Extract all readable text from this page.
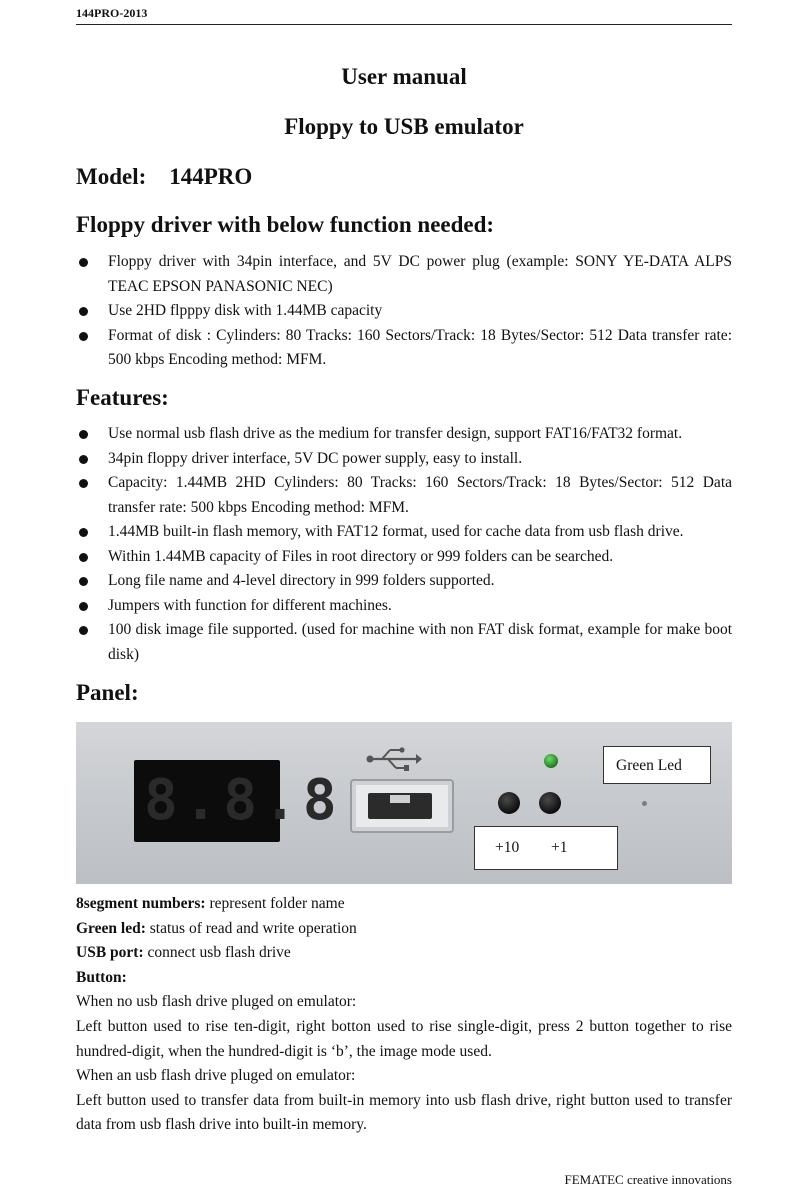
144PRO-2013
User manual
Floppy to USB emulator
Model:    144PRO
Floppy driver with below function needed:
Floppy driver with 34pin interface, and 5V DC power plug (example: SONY YE-DATA ALPS TEAC EPSON PANASONIC NEC)
Use 2HD flpppy disk with 1.44MB capacity
Format of disk : Cylinders: 80 Tracks: 160 Sectors/Track: 18 Bytes/Sector: 512 Data transfer rate: 500 kbps Encoding method: MFM.
Features:
Use normal usb flash drive as the medium for transfer design, support FAT16/FAT32 format.
34pin floppy driver interface, 5V DC power supply, easy to install.
Capacity: 1.44MB 2HD Cylinders: 80 Tracks: 160 Sectors/Track: 18 Bytes/Sector: 512 Data transfer rate: 500 kbps Encoding method: MFM.
1.44MB built-in flash memory, with FAT12 format, used for cache data from usb flash drive.
Within 1.44MB capacity of Files in root directory or 999 folders can be searched.
Long file name and 4-level directory in 999 folders supported.
Jumpers with function for different machines.
100 disk image file supported. (used for machine with non FAT disk format, example for make boot disk)
Panel:
8.8.8
Green Led
+10 +1

8segment numbers: represent folder name

Green led: status of read and write operation

USB port: connect usb flash drive

Button:

When no usb flash drive pluged on emulator:

Left button used to rise ten-digit, right botton used to rise single-digit, press 2 button together to rise hundred-digit, when the hundred-digit is ‘b’, the image mode used.

When an usb flash drive pluged on emulator:

Left button used to transfer data from built-in memory into usb flash drive, right button used to transfer data from usb flash drive into built-in memory.

FEMATEC creative innovations
